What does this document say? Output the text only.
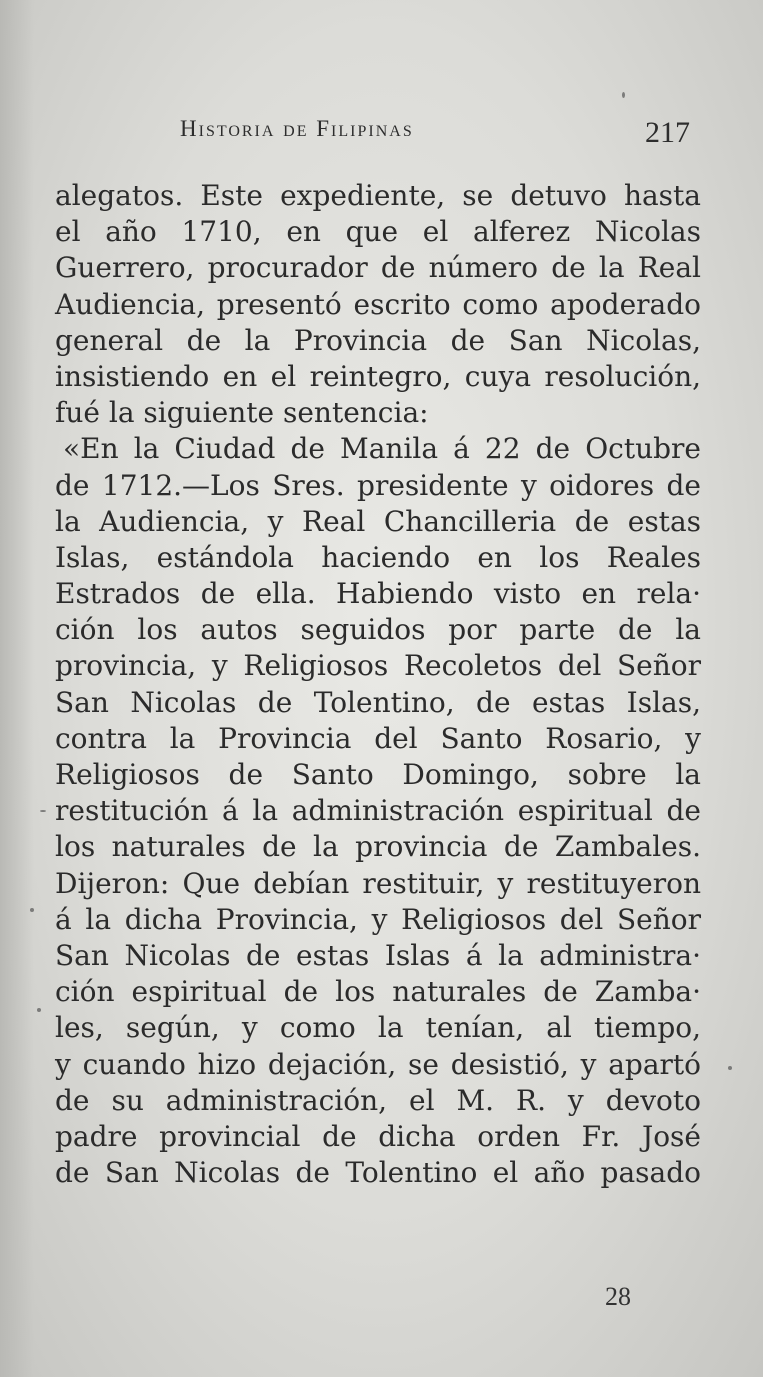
Historia de Filipinas	217
alegatos. Este expediente, se detuvo hasta
el año 1710, en que el alferez Nicolas
Guerrero, procurador de número de la Real
Audiencia, presentó escrito como apoderado
general de la Provincia de San Nicolas,
insistiendo en el reintegro, cuya resolución,
fué la siguiente sentencia:
«En la Ciudad de Manila á 22 de Octubre
de 1712.—Los Sres. presidente y oidores de
la Audiencia, y Real Chancilleria de estas
Islas, estándola haciendo en los Reales
Estrados de ella. Habiendo visto en rela·
ción los autos seguidos por parte de la
provincia, y Religiosos Recoletos del Señor
San Nicolas de Tolentino, de estas Islas,
contra la Provincia del Santo Rosario, y
Religiosos de Santo Domingo, sobre la
restitución á la administración espiritual de
los naturales de la provincia de Zambales.
Dijeron: Que debían restituir, y restituyeron
á la dicha Provincia, y Religiosos del Señor
San Nicolas de estas Islas á la administra·
ción espiritual de los naturales de Zamba·
les, según, y como la tenían, al tiempo,
y cuando hizo dejación, se desistió, y apartó
de su administración, el M. R. y devoto
padre provincial de dicha orden Fr. José
de San Nicolas de Tolentino el año pasado
28
